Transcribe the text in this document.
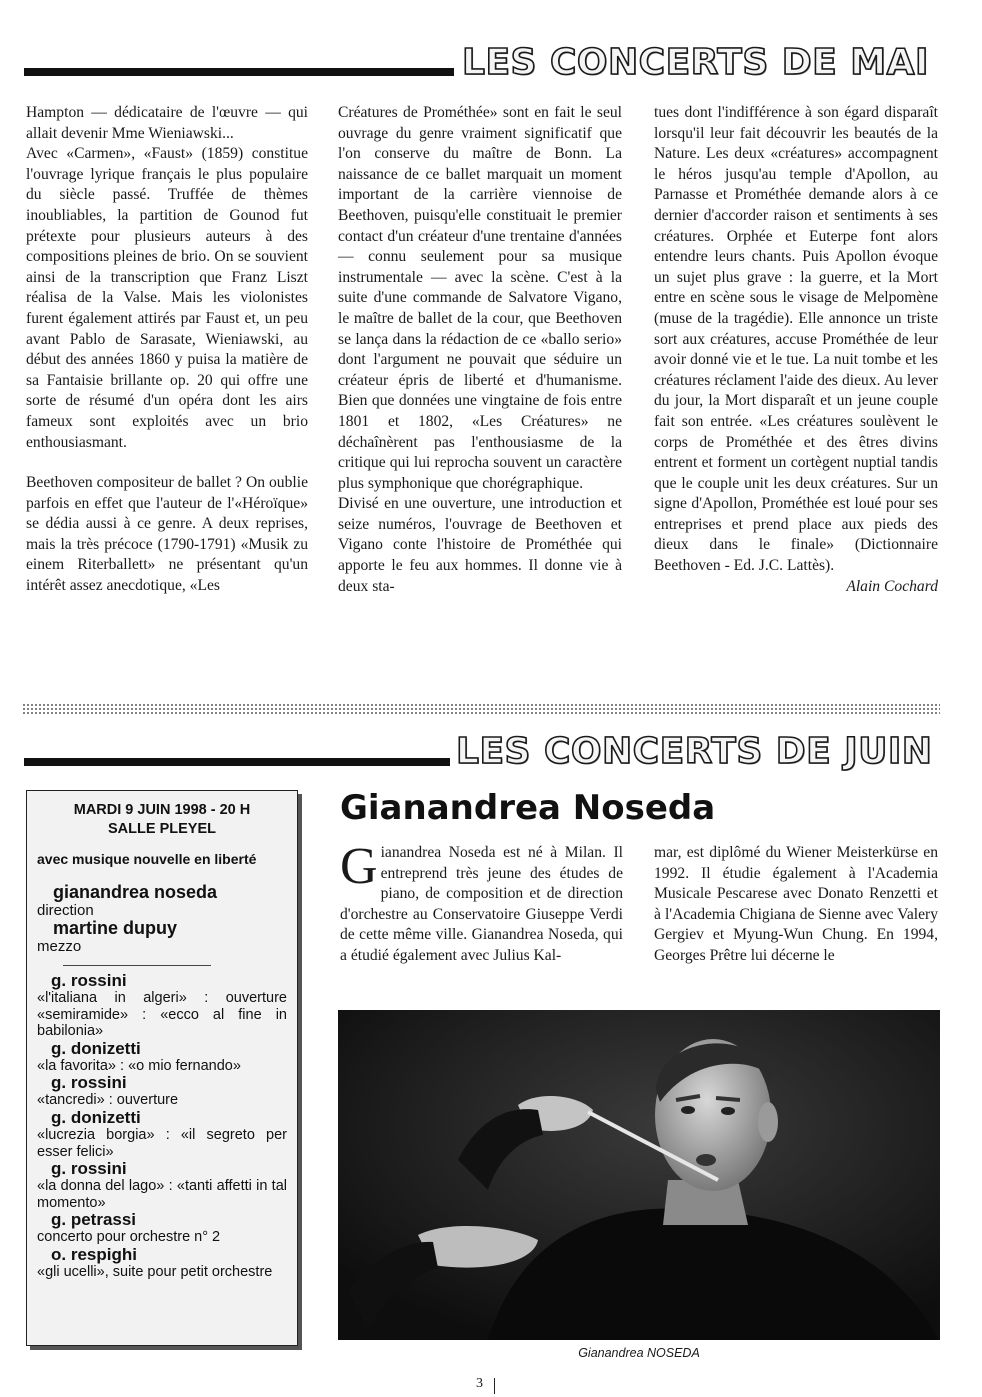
LES CONCERTS DE MAI

Hampton — dédicataire de l'œuvre — qui allait devenir Mme Wieniawski...

Avec «Carmen», «Faust» (1859) constitue l'ouvrage lyrique français le plus populaire du siècle passé. Truffée de thèmes inoubliables, la partition de Gounod fut prétexte pour plusieurs auteurs à des compositions pleines de brio. On se souvient ainsi de la transcription que Franz Liszt réalisa de la Valse. Mais les violonistes furent également attirés par Faust et, un peu avant Pablo de Sarasate, Wieniawski, au début des années 1860 y puisa la matière de sa Fantaisie brillante op. 20 qui offre une sorte de résumé d'un opéra dont les airs fameux sont exploités avec un brio enthousiasmant.

Beethoven compositeur de ballet ? On oublie parfois en effet que l'auteur de l'«Héroïque» se dédia aussi à ce genre. A deux reprises, mais la très précoce (1790-1791) «Musik zu einem Riterballett» ne présentant qu'un intérêt assez anecdotique, «Les

Créatures de Prométhée» sont en fait le seul ouvrage du genre vraiment significatif que l'on conserve du maître de Bonn. La naissance de ce ballet marquait un moment important de la carrière viennoise de Beethoven, puisqu'elle constituait le premier contact d'un créateur d'une trentaine d'années — connu seulement pour sa musique instrumentale — avec la scène. C'est à la suite d'une commande de Salvatore Vigano, le maître de ballet de la cour, que Beethoven se lança dans la rédaction de ce «ballo serio» dont l'argument ne pouvait que séduire un créateur épris de liberté et d'humanisme. Bien que données une vingtaine de fois entre 1801 et 1802, «Les Créatures» ne déchaînèrent pas l'enthousiasme de la critique qui lui reprocha souvent un caractère plus symphonique que chorégraphique.

Divisé en une ouverture, une introduction et seize numéros, l'ouvrage de Beethoven et Vigano conte l'histoire de Prométhée qui apporte le feu aux hommes. Il donne vie à deux sta-

tues dont l'indifférence à son égard disparaît lorsqu'il leur fait découvrir les beautés de la Nature. Les deux «créatures» accompagnent le héros jusqu'au temple d'Apollon, au Parnasse et Prométhée demande alors à ce dernier d'accorder raison et sentiments à ses créatures. Orphée et Euterpe font alors entendre leurs chants. Puis Apollon évoque un sujet plus grave : la guerre, et la Mort entre en scène sous le visage de Melpomène (muse de la tragédie). Elle annonce un triste sort aux créatures, accuse Prométhée de leur avoir donné vie et le tue. La nuit tombe et les créatures réclament l'aide des dieux. Au lever du jour, la Mort disparaît et un jeune couple fait son entrée. «Les créatures soulèvent le corps de Prométhée et des êtres divins entrent et forment un cortègent nuptial tandis que le couple unit les deux créatures. Sur un signe d'Apollon, Prométhée est loué pour ses entreprises et prend place aux pieds des dieux dans le finale» (Dictionnaire Beethoven - Ed. J.C. Lattès).

Alain Cochard

LES CONCERTS DE JUIN
Gianandrea Noseda

Gianandrea Noseda est né à Milan. Il entreprend très jeune des études de piano, de composition et de direction d'orchestre au Conservatoire Giuseppe Verdi de cette même ville. Gianandrea Noseda, qui a étudié également avec Julius Kal-

mar, est diplômé du Wiener Meisterkürse en 1992. Il étudie également à l'Academia Musicale Pescarese avec Donato Renzetti et à l'Academia Chigiana de Sienne avec Valery Gergiev et Myung-Wun Chung. En 1994, Georges Prêtre lui décerne le

MARDI 9 JUIN 1998 - 20 H
SALLE PLEYEL
avec musique nouvelle en liberté
gianandrea noseda
direction
martine dupuy
mezzo
g. rossini
«l'italiana in algeri» : ouverture «semiramide» : «ecco al fine in babilonia»
g. donizetti
«la favorita» : «o mio fernando»
g. rossini
«tancredi» : ouverture
g. donizetti
«lucrezia borgia» : «il segreto per esser felici»
g. rossini
«la donna del lago» : «tanti affetti in tal momento»
g. petrassi
concerto pour orchestre n° 2
o. respighi
«gli ucelli», suite pour petit orchestre
Gianandrea NOSEDA
3
